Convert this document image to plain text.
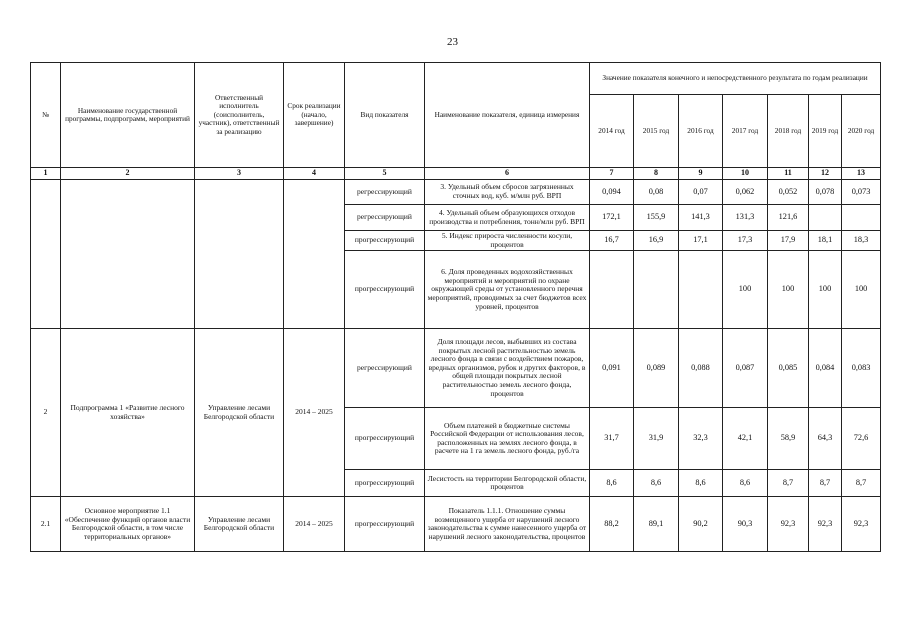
23
№	Наименование государственной программы, подпрограмм, мероприятий	Ответственный исполнитель (соисполнитель, участник), ответственный за реализацию	Срок реализации (начало, завершение)	Вид показателя	Наименование показателя, единица измерения	Значение показателя конечного и непосредственного результата по годам реализации						
						2014 год	2015 год	2016 год	2017 год	2018 год	2019 год	2020 год
1	2	3	4	5	6	7	8	9	10	11	12	13
				регрессирующий	3. Удельный объем сбросов загрязненных сточных вод, куб. м/млн руб. ВРП	0,094	0,08	0,07	0,062	0,052	0,078	0,073
				регрессирующий	4. Удельный объем образующихся отходов производства и потребления, тонн/млн руб. ВРП	172,1	155,9	141,3	131,3	121,6		
				прогрессирующий	5. Индекс прироста численности косули, процентов	16,7	16,9	17,1	17,3	17,9	18,1	18,3
				прогрессирующий	6. Доля проведенных водохозяйственных мероприятий и мероприятий по охране окружающей среды от установленного перечня мероприятий, проводимых за счет бюджетов всех уровней, процентов				100	100	100	100
2	Подпрограмма 1 «Развитие лесного хозяйства»	Управление лесами Белгородской области	2014 – 2025	регрессирующий	Доля площади лесов, выбывших из состава покрытых лесной растительностью земель лесного фонда в связи с воздействием пожаров, вредных организмов, рубок и других факторов, в общей площади покрытых лесной растительностью земель лесного фонда, процентов	0,091	0,089	0,088	0,087	0,085	0,084	0,083
				прогрессирующий	Объем платежей в бюджетные системы Российской Федерации от использования лесов, расположенных на землях лесного фонда, в расчете на 1 га земель лесного фонда, руб./га	31,7	31,9	32,3	42,1	58,9	64,3	72,6
				прогрессирующий	Лесистость на территории Белгородской области, процентов	8,6	8,6	8,6	8,6	8,7	8,7	8,7
2.1	Основное мероприятие 1.1 «Обеспечение функций органов власти Белгородской области, в том числе территориальных органов»	Управление лесами Белгородской области	2014 – 2025	прогрессирующий	Показатель 1.1.1. Отношение суммы возмещенного ущерба от нарушений лесного законодательства к сумме нанесенного ущерба от нарушений лесного законодательства, процентов	88,2	89,1	90,2	90,3	92,3	92,3	92,3
